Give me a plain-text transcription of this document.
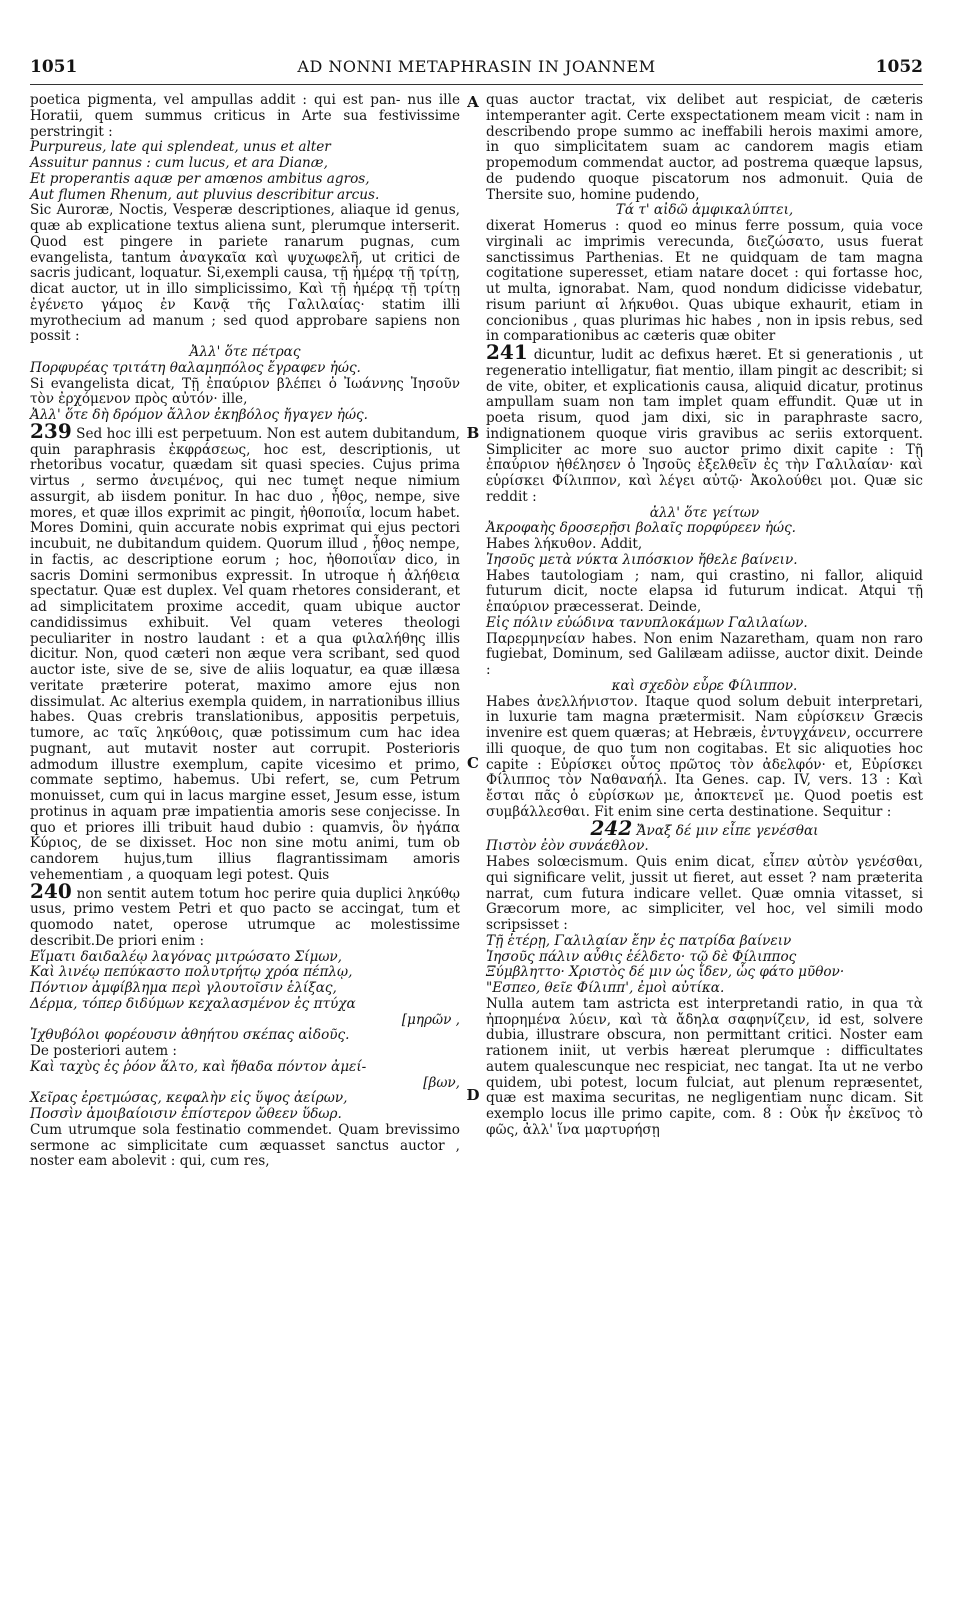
1051	AD NONNI METAPHRASIN IN JOANNEM	1052

poetica pigmenta, vel ampullas addit : qui est pan- nus ille Horatii, quem summus criticus in Arte sua festivissime perstringit :

Purpureus, late qui splendeat, unus et alter
Assuitur pannus : cum lucus, et ara Dianæ,
Et properantis aquæ per amœnos ambitus agros,
Aut flumen Rhenum, aut pluvius describitur arcus.

Sic Auroræ, Noctis, Vesperæ descriptiones, aliaque id genus, quæ ab explicatione textus aliena sunt, plerumque interserit. Quod est pingere in pariete ranarum pugnas, cum evangelista, tantum ἀναγκαῖα καὶ ψυχωφελῆ, ut critici de sacris judicant, loquatur. Si,exempli causa, τῇ ἡμέρᾳ τῇ τρίτῃ, dicat auctor, ut in illo simplicissimo, Καὶ τῇ ἡμέρᾳ τῇ τρίτῃ ἐγένετο γάμος ἐν Κανᾷ τῆς Γαλιλαίας· statim illi myrothecium ad manum ; sed quod approbare sapiens non possit :

Ἀλλ' ὅτε πέτρας
Πορφυρέας τριτάτη θαλαμηπόλος ἔγραφεν ἠώς.

Si evangelista dicat, Τῇ ἐπαύριον βλέπει ὁ Ἰωάννης Ἰησοῦν τὸν ἐρχόμενον πρὸς αὐτόν· ille,

Ἀλλ' ὅτε δὴ δρόμον ἄλλον ἐκηβόλος ἤγαγεν ἠώς.

239 Sed hoc illi est perpetuum. Non est autem dubitandum, quin paraphrasis ἐκφράσεως, hoc est, descriptionis, ut rhetoribus vocatur, quædam sit quasi species. Cujus prima virtus , sermo ἀνειμένος, qui nec tumet neque nimium assurgit, ab iisdem ponitur. In hac duo , ἦθος, nempe, sive mores, et quæ illos exprimit ac pingit, ἠθοποιΐα, locum habet. Mores Domini, quin accurate nobis exprimat qui ejus pectori incubuit, ne dubitandum quidem. Quorum illud , ἦθος nempe, in factis, ac descriptione eorum ; hoc, ἠθοποιΐαν dico, in sacris Domini sermonibus expressit. In utroque ἡ ἀλήθεια spectatur. Quæ est duplex. Vel quam rhetores considerant, et ad simplicitatem proxime accedit, quam ubique auctor candidissimus exhibuit. Vel quam veteres theologi peculiariter in nostro laudant : et a qua φιλαλήθης illis dicitur. Non, quod cæteri non æque vera scribant, sed quod auctor iste, sive de se, sive de aliis loquatur, ea quæ illæsa veritate præterire poterat, maximo amore ejus non dissimulat. Ac alterius exempla quidem, in narrationibus illius habes. Quas crebris translationibus, appositis perpetuis, tumore, ac ταῖς ληκύθοις, quæ potissimum cum hac idea pugnant, aut mutavit noster aut corrupit. Posterioris admodum illustre exemplum, capite vicesimo et primo, commate septimo, habemus. Ubi refert, se, cum Petrum monuisset, cum qui in lacus margine esset, Jesum esse, istum protinus in aquam præ impatientia amoris sese conjecisse. In quo et priores illi tribuit haud dubio : quamvis, ὃν ἠγάπα Κύριος, de se dixisset. Hoc non sine motu animi, tum ob candorem hujus,tum illius flagrantissimam amoris vehementiam , a quoquam legi potest. Quis

240 non sentit autem totum hoc perire quia duplici ληκύθῳ usus, primo vestem Petri et quo pacto se accingat, tum et quomodo natet, operose utrumque ac molestissime describit.De priori enim :

Εἵματι δαιδαλέῳ λαγόνας μιτρώσατο Σίμων,
Καὶ λινέῳ πεπύκαστο πολυτρήτῳ χρόα πέπλῳ,
Πόντιον ἀμφίβλημα περὶ γλουτοῖσιν ἑλίξας,
Δέρμα, τόπερ διδύμων κεχαλασμένον ἐς πτύχα
[μηρῶν ,
Ἰχθυβόλοι φορέουσιν ἀθηήτου σκέπας αἰδοῦς.

De posteriori autem :

Καὶ ταχὺς ἐς ῥόον ἅλτο, καὶ ἤθαδα πόντον ἀμεί-
[βων,
Χεῖρας ἐρετμώσας, κεφαλὴν εἰς ὕψος ἀείρων,
Ποσσὶν ἀμοιβαίοισιν ἐπίστερον ὤθεεν ὕδωρ.

Cum utrumque sola festinatio commendet. Quam brevissimo sermone ac simplicitate cum æquasset sanctus auctor , noster eam abolevit : qui, cum res,

quas auctor tractat, vix delibet aut respiciat, de cæteris intemperanter agit. Certe exspectationem meam vicit : nam in describendo prope summo ac ineffabili herois maximi amore, in quo simplicitatem suam ac candorem magis etiam propemodum commendat auctor, ad postrema quæque lapsus, de pudendo quoque piscatorum nos admonuit. Quia de Thersite suo, homine pudendo,

Τά τ' αἰδῶ ἀμφικαλύπτει,

dixerat Homerus : quod eo minus ferre possum, quia voce virginali ac imprimis verecunda, διεζώσατο, usus fuerat sanctissimus Parthenias. Et ne quidquam de tam magna cogitatione superesset, etiam natare docet : qui fortasse hoc, ut multa, ignorabat. Nam, quod nondum didicisse videbatur, risum pariunt αἱ λήκυθοι. Quas ubique exhaurit, etiam in concionibus , quas plurimas hic habes , non in ipsis rebus, sed in comparationibus ac cæteris quæ obiter

241 dicuntur, ludit ac defixus hæret. Et si generationis , ut regeneratio intelligatur, fiat mentio, illam pingit ac describit; si de vite, obiter, et explicationis causa, aliquid dicatur, protinus ampullam suam non tam implet quam effundit. Quæ ut in poeta risum, quod jam dixi, sic in paraphraste sacro, indignationem quoque viris gravibus ac seriis extorquent. Simpliciter ac more suo auctor primo dixit capite : Τῇ ἐπαύριον ἠθέλησεν ὁ Ἰησοῦς ἐξελθεῖν ἐς τὴν Γαλιλαίαν· καὶ εὑρίσκει Φίλιππον, καὶ λέγει αὐτῷ· Ἀκολούθει μοι. Quæ sic reddit :

ἀλλ' ὅτε γείτων
Ἀκροφαὴς δροσερῇσι βολαῖς πορφύρεεν ἠώς.

Habes λήκυθον. Addit,

Ἰησοῦς μετὰ νύκτα λιπόσκιον ἤθελε βαίνειν.

Habes tautologiam ; nam, qui crastino, ni fallor, aliquid futurum dicit, nocte elapsa id futurum indicat. Atqui τῇ ἐπαύριον præcesserat. Deinde,

Εἰς πόλιν εὐώδινα τανυπλοκάμων Γαλιλαίων.

Παρερμηνείαν habes. Non enim Nazaretham, quam non raro fugiebat, Dominum, sed Galilæam adiisse, auctor dixit. Deinde :

καὶ σχεδὸν εὗρε Φίλιππον.

Habes ἀνελλήνιστον. Itaque quod solum debuit interpretari, in luxurie tam magna prætermisit. Nam εὑρίσκειν Græcis invenire est quem quæras; at Hebræis, ἐντυγχάνειν, occurrere illi quoque, de quo tum non cogitabas. Et sic aliquoties hoc capite : Εὑρίσκει οὗτος πρῶτος τὸν ἀδελφόν· et, Εὑρίσκει Φίλιππος τὸν Ναθαναήλ. Ita Genes. cap. IV, vers. 13 : Καὶ ἔσται πᾶς ὁ εὑρίσκων με, ἀποκτενεῖ με. Quod poetis est συμβάλλεσθαι. Fit enim sine certa destinatione. Sequitur :

242 Ἄναξ δέ μιν εἶπε γενέσθαι
Πιστὸν ἐὸν συνάεθλον.

Habes solœcismum. Quis enim dicat, εἶπεν αὐτὸν γενέσθαι, qui significare velit, jussit ut fieret, aut esset ? nam præterita narrat, cum futura indicare vellet. Quæ omnia vitasset, si Græcorum more, ac simpliciter, vel hoc, vel simili modo scripsisset :

Τῇ ἑτέρῃ, Γαλιλαίαν ἔην ἐς πατρίδα βαίνειν
Ἰησοῦς πάλιν αὖθις ἐέλδετο· τῷ δὲ Φίλιππος
Ξύμβληττο· Χριστὸς δέ μιν ὡς ἴδεν, ὧς φάτο μῦθον·
"Εσπεο, θεῖε Φίλιππ', ἐμοὶ αὐτίκα.

Nulla autem tam astricta est interpretandi ratio, in qua τὰ ἠπορημένα λύειν, καὶ τὰ ἄδηλα σαφηνίζειν, id est, solvere dubia, illustrare obscura, non permittant critici. Noster eam rationem iniit, ut verbis hæreat plerumque : difficultates autem qualescunque nec respiciat, nec tangat. Ita ut ne verbo quidem, ubi potest, locum fulciat, aut plenum repræsentet, quæ est maxima securitas, ne negligentiam nunc dicam. Sit exemplo locus ille primo capite, com. 8 : Οὐκ ἦν ἐκεῖνος τὸ φῶς, ἀλλ' ἵνα μαρτυρήσῃ

A
B
C
D
